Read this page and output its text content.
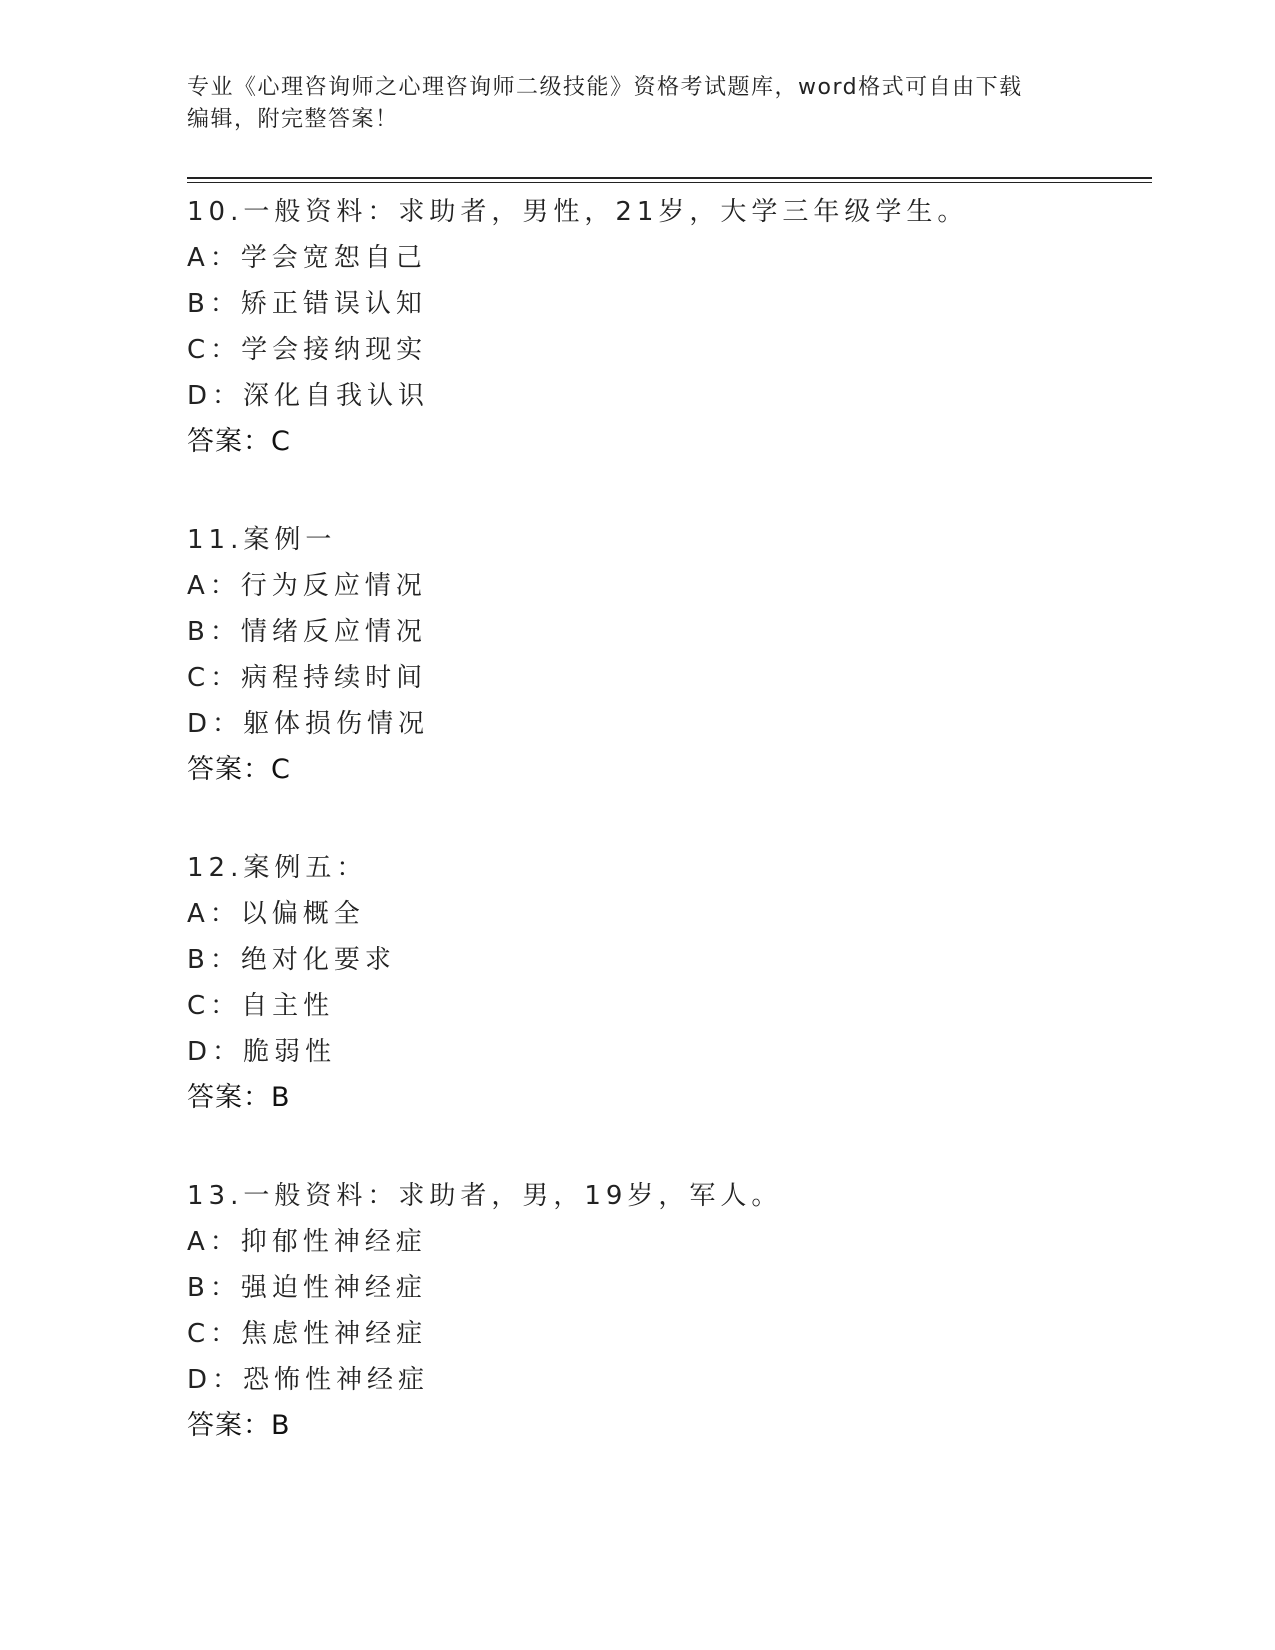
专业《心理咨询师之心理咨询师二级技能》资格考试题库，word格式可自由下载
编辑，附完整答案！
10.一般资料：求助者，男性，21岁，大学三年级学生。
A：学会宽恕自己
B：矫正错误认知
C：学会接纳现实
D：深化自我认识
答案：C
11.案例一
A：行为反应情况
B：情绪反应情况
C：病程持续时间
D：躯体损伤情况
答案：C
12.案例五：
A：以偏概全
B：绝对化要求
C：自主性
D：脆弱性
答案：B
13.一般资料：求助者，男，19岁，军人。
A：抑郁性神经症
B：强迫性神经症
C：焦虑性神经症
D：恐怖性神经症
答案：B
